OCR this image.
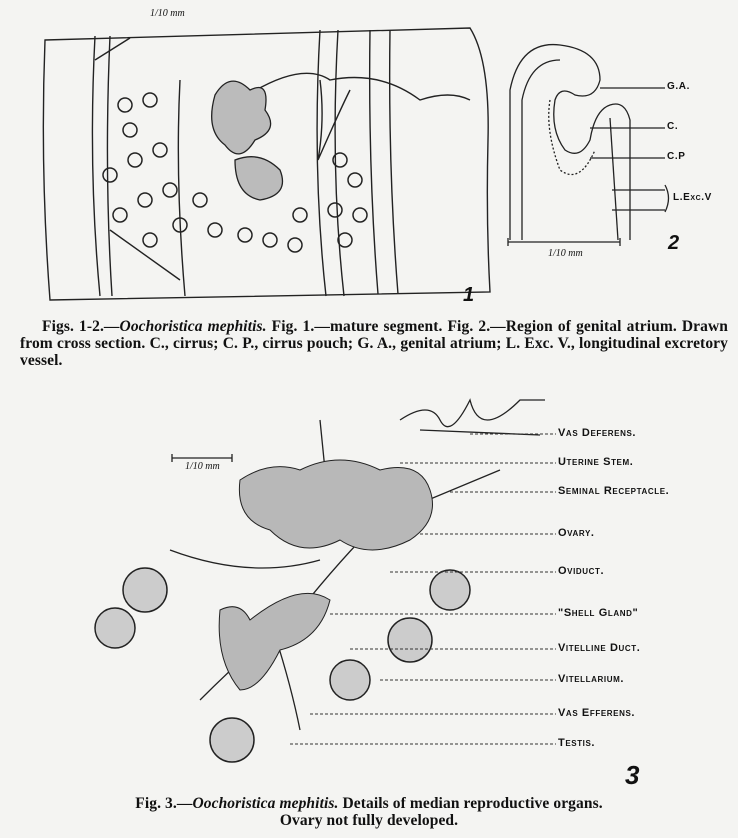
1/10 mm
1
G.A.
C.
C.P
L.Exc.V
1/10 mm	2
Figs. 1-2.—Oochoristica mephitis. Fig. 1.—mature segment. Fig. 2.—Region of genital atrium. Drawn from cross section. C., cirrus; C. P., cirrus pouch; G. A., genital atrium; L. Exc. V., longitudinal excretory vessel.
1/10 mm
Vas Deferens.
Uterine Stem.
Seminal Receptacle.
Ovary.
Oviduct.
"Shell Gland"
Vitelline Duct.
Vitellarium.
Vas Efferens.
Testis.
3
Fig. 3.—Oochoristica mephitis. Details of median reproductive organs.
Ovary not fully developed.
